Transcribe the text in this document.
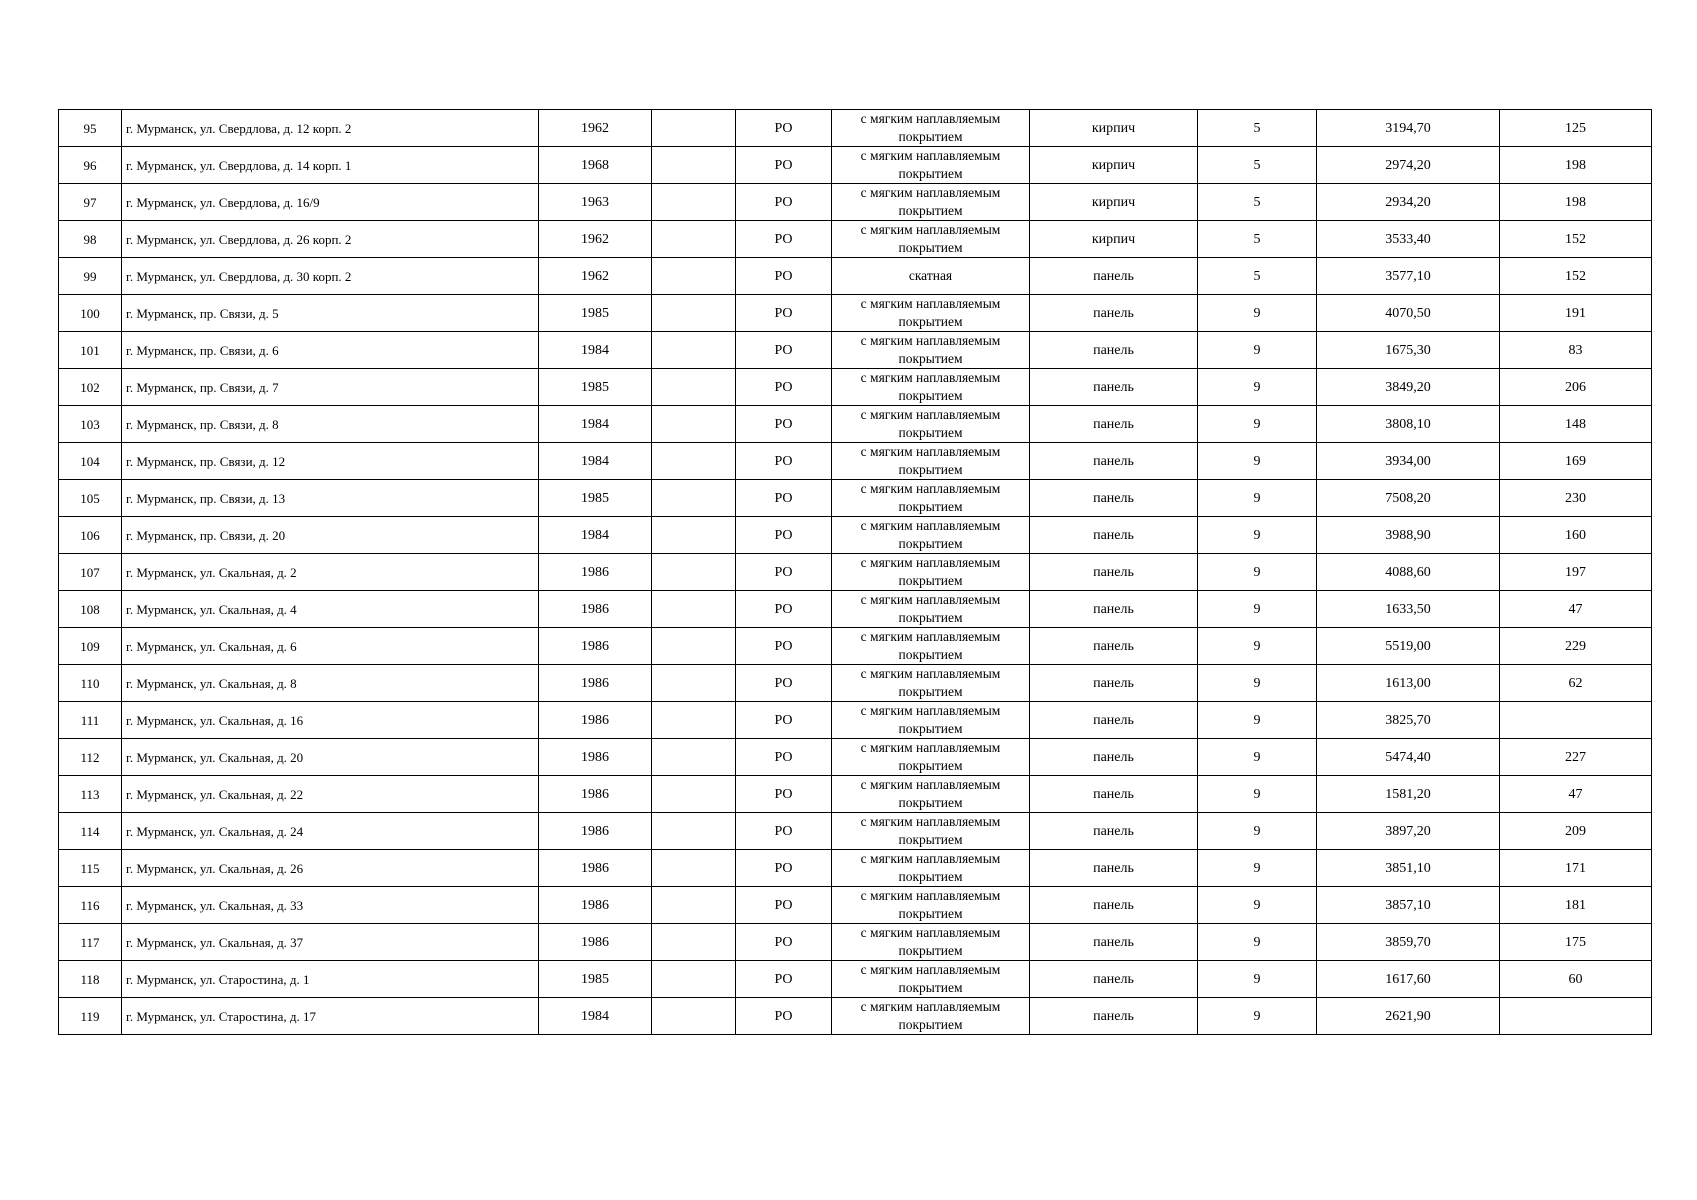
95	г. Мурманск, ул. Свердлова, д. 12 корп. 2	1962		РО	с мягким наплавляемым покрытием	кирпич	5	3194,70	125
96	г. Мурманск, ул. Свердлова, д. 14 корп. 1	1968		РО	с мягким наплавляемым покрытием	кирпич	5	2974,20	198
97	г. Мурманск, ул. Свердлова, д. 16/9	1963		РО	с мягким наплавляемым покрытием	кирпич	5	2934,20	198
98	г. Мурманск, ул. Свердлова, д. 26 корп. 2	1962		РО	с мягким наплавляемым покрытием	кирпич	5	3533,40	152
99	г. Мурманск, ул. Свердлова, д. 30 корп. 2	1962		РО	скатная	панель	5	3577,10	152
100	г. Мурманск, пр. Связи, д. 5	1985		РО	с мягким наплавляемым покрытием	панель	9	4070,50	191
101	г. Мурманск, пр. Связи, д. 6	1984		РО	с мягким наплавляемым покрытием	панель	9	1675,30	83
102	г. Мурманск, пр. Связи, д. 7	1985		РО	с мягким наплавляемым покрытием	панель	9	3849,20	206
103	г. Мурманск, пр. Связи, д. 8	1984		РО	с мягким наплавляемым покрытием	панель	9	3808,10	148
104	г. Мурманск, пр. Связи, д. 12	1984		РО	с мягким наплавляемым покрытием	панель	9	3934,00	169
105	г. Мурманск, пр. Связи, д. 13	1985		РО	с мягким наплавляемым покрытием	панель	9	7508,20	230
106	г. Мурманск, пр. Связи, д. 20	1984		РО	с мягким наплавляемым покрытием	панель	9	3988,90	160
107	г. Мурманск, ул. Скальная, д. 2	1986		РО	с мягким наплавляемым покрытием	панель	9	4088,60	197
108	г. Мурманск, ул. Скальная, д. 4	1986		РО	с мягким наплавляемым покрытием	панель	9	1633,50	47
109	г. Мурманск, ул. Скальная, д. 6	1986		РО	с мягким наплавляемым покрытием	панель	9	5519,00	229
110	г. Мурманск, ул. Скальная, д. 8	1986		РО	с мягким наплавляемым покрытием	панель	9	1613,00	62
111	г. Мурманск, ул. Скальная, д. 16	1986		РО	с мягким наплавляемым покрытием	панель	9	3825,70	
112	г. Мурманск, ул. Скальная, д. 20	1986		РО	с мягким наплавляемым покрытием	панель	9	5474,40	227
113	г. Мурманск, ул. Скальная, д. 22	1986		РО	с мягким наплавляемым покрытием	панель	9	1581,20	47
114	г. Мурманск, ул. Скальная, д. 24	1986		РО	с мягким наплавляемым покрытием	панель	9	3897,20	209
115	г. Мурманск, ул. Скальная, д. 26	1986		РО	с мягким наплавляемым покрытием	панель	9	3851,10	171
116	г. Мурманск, ул. Скальная, д. 33	1986		РО	с мягким наплавляемым покрытием	панель	9	3857,10	181
117	г. Мурманск, ул. Скальная, д. 37	1986		РО	с мягким наплавляемым покрытием	панель	9	3859,70	175
118	г. Мурманск, ул. Старостина, д. 1	1985		РО	с мягким наплавляемым покрытием	панель	9	1617,60	60
119	г. Мурманск, ул. Старостина, д. 17	1984		РО	с мягким наплавляемым покрытием	панель	9	2621,90	
